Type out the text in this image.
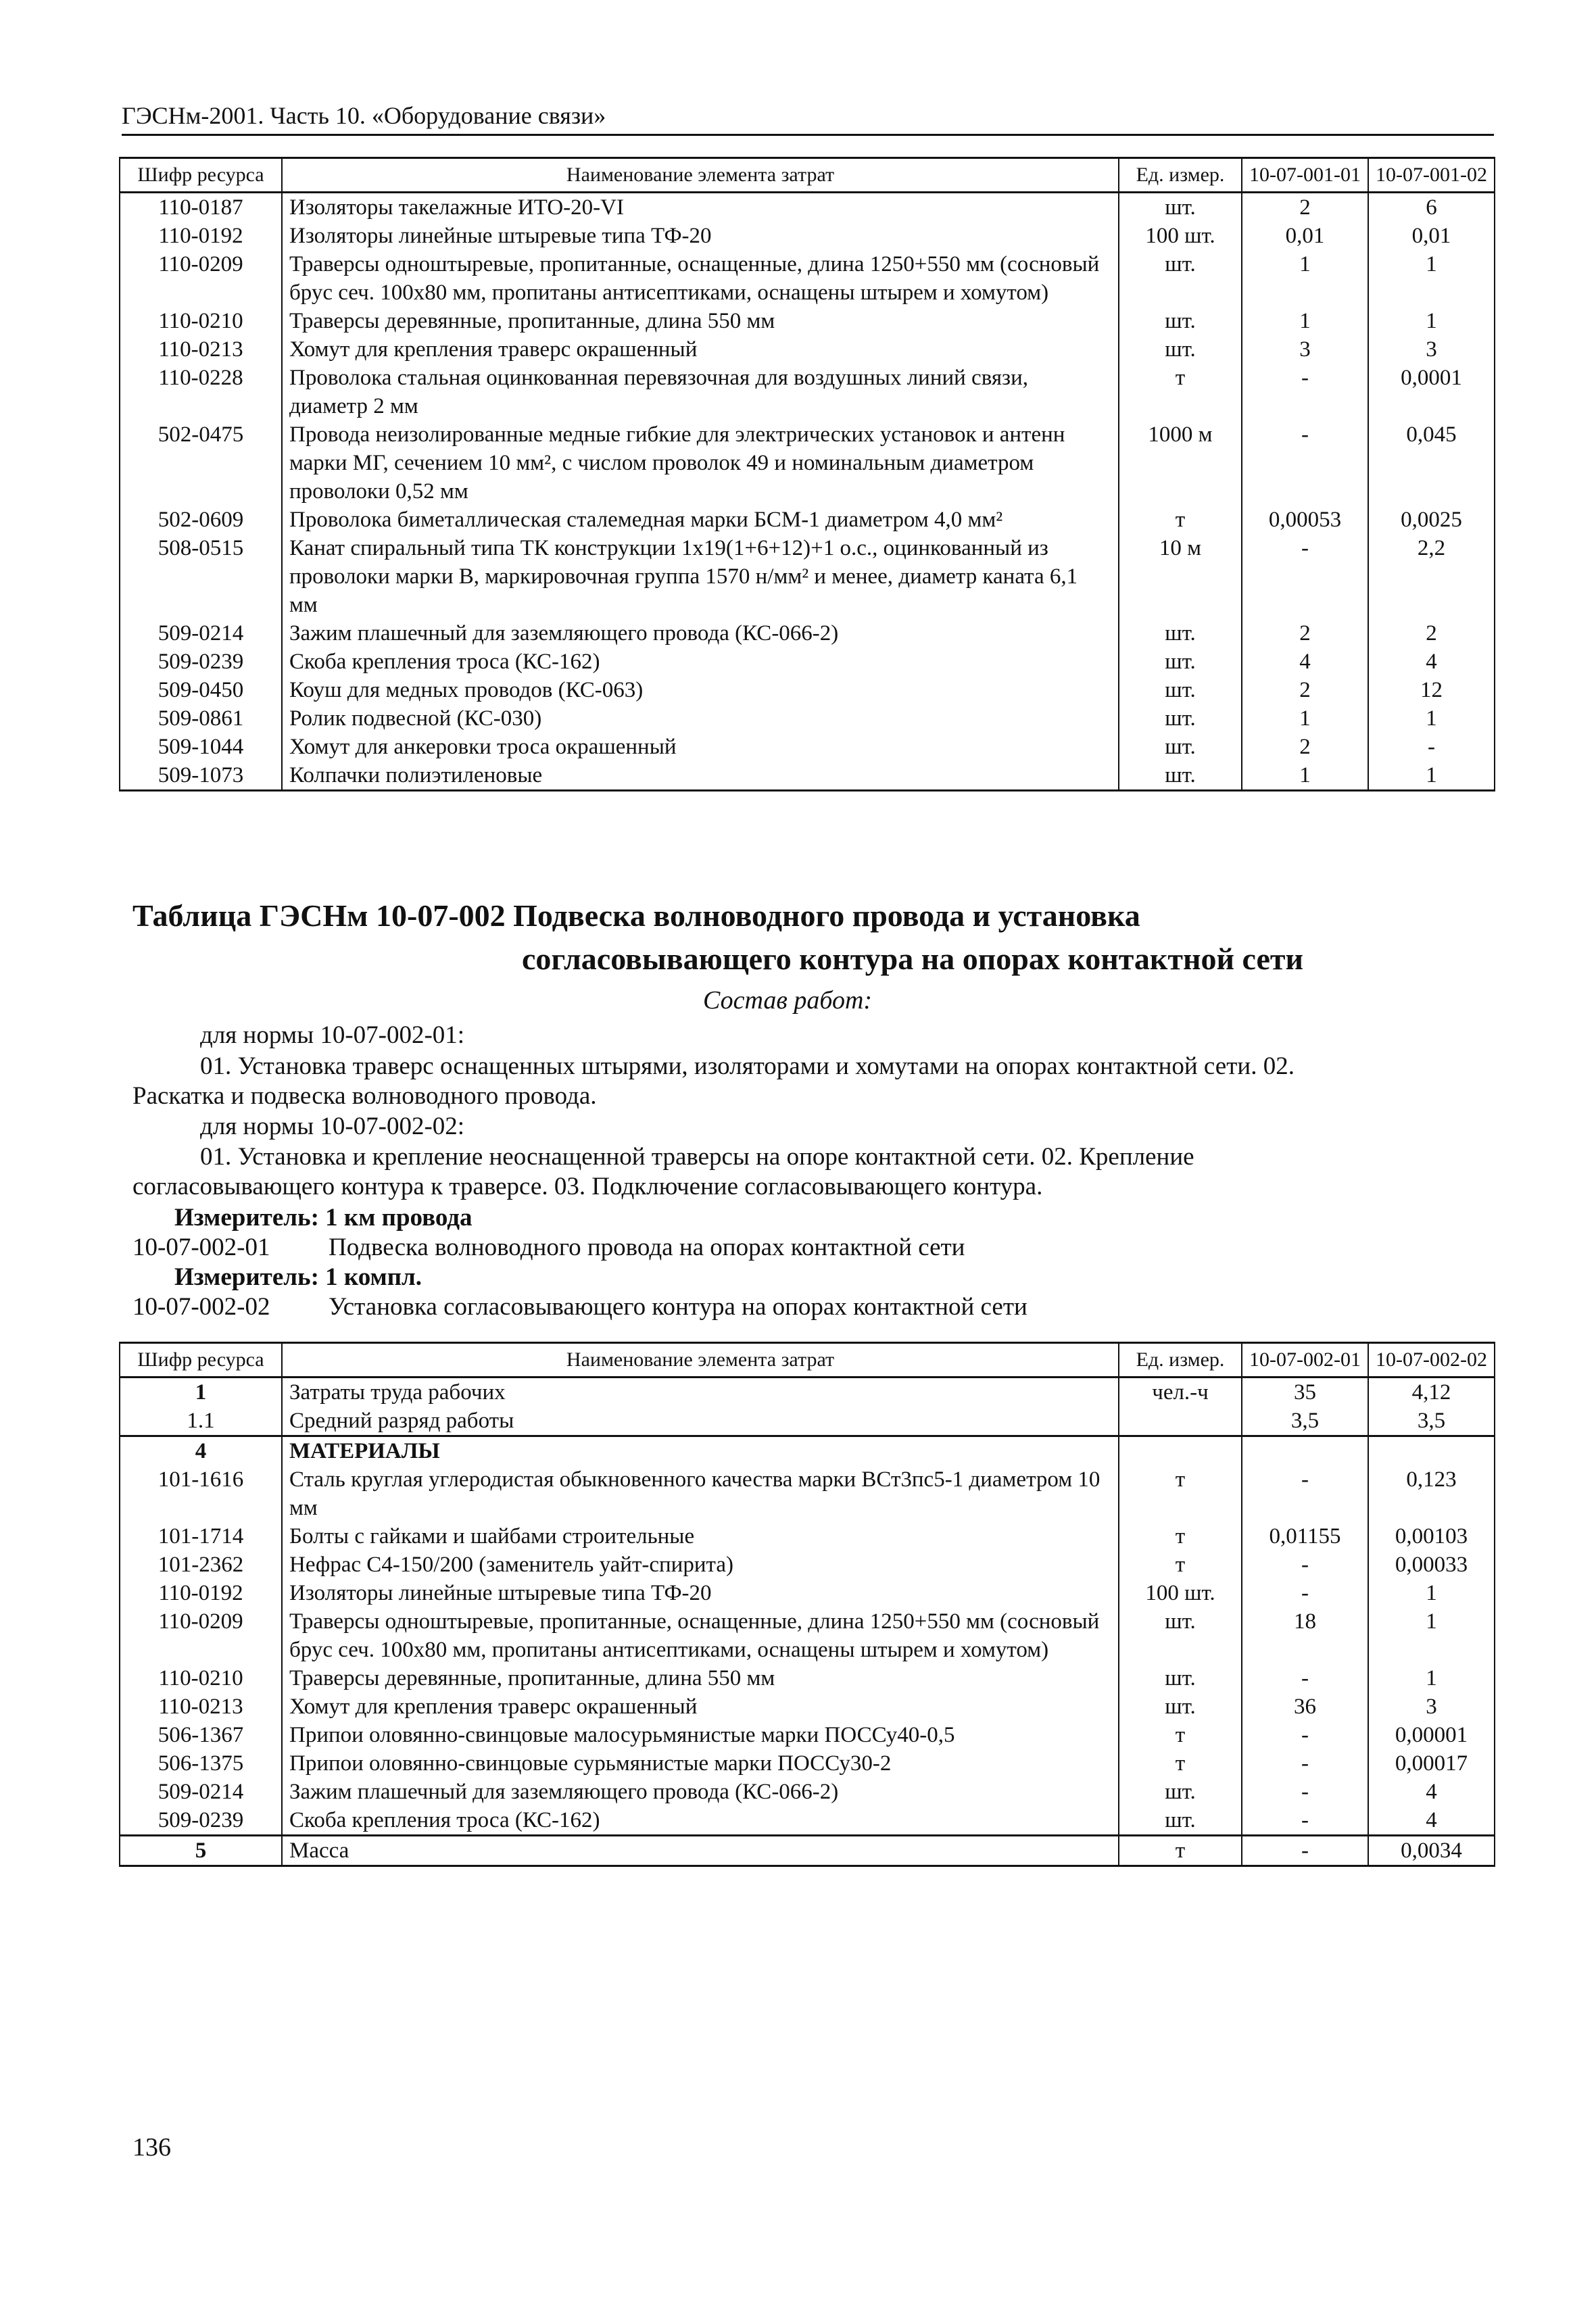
ГЭСНм-2001. Часть 10. «Оборудование связи»
Шифр ресурса	Наименование элемента затрат	Ед. измер.	10-07-001-01	10-07-001-02
110-0187	Изоляторы такелажные ИТО-20-VI	шт.	2	6
110-0192	Изоляторы линейные штыревые типа ТФ-20	100 шт.	0,01	0,01
110-0209	Траверсы одноштыревые, пропитанные, оснащенные, длина 1250+550 мм (сосновый брус сеч. 100x80 мм, пропитаны антисептиками, оснащены штырем и хомутом)	шт.	1	1
110-0210	Траверсы деревянные, пропитанные, длина 550 мм	шт.	1	1
110-0213	Хомут для крепления траверс окрашенный	шт.	3	3
110-0228	Проволока стальная оцинкованная перевязочная для воздушных линий связи, диаметр 2 мм	т	-	0,0001
502-0475	Провода неизолированные медные гибкие для электрических установок и антенн марки МГ, сечением 10 мм², с числом проволок 49 и номинальным диаметром проволоки 0,52 мм	1000 м	-	0,045
502-0609	Проволока биметаллическая сталемедная марки БСМ-1 диаметром 4,0 мм²	т	0,00053	0,0025
508-0515	Канат спиральный типа ТК конструкции 1x19(1+6+12)+1 о.с., оцинкованный из проволоки марки В, маркировочная группа 1570 н/мм² и менее, диаметр каната 6,1 мм	10 м	-	2,2
509-0214	Зажим плашечный для заземляющего провода (КС-066-2)	шт.	2	2
509-0239	Скоба крепления троса (КС-162)	шт.	4	4
509-0450	Коуш для медных проводов (КС-063)	шт.	2	12
509-0861	Ролик подвесной (КС-030)	шт.	1	1
509-1044	Хомут для анкеровки троса окрашенный	шт.	2	-
509-1073	Колпачки полиэтиленовые	шт.	1	1
Таблица ГЭСНм 10-07-002 Подвеска волноводного провода и установка
согласовывающего контура на опорах контактной сети
Состав работ:
для нормы 10-07-002-01:
01. Установка траверс оснащенных штырями, изоляторами и хомутами на опорах контактной сети. 02.
Раскатка и подвеска волноводного провода.
для нормы 10-07-002-02:
01. Установка и крепление неоснащенной траверсы на опоре контактной сети. 02. Крепление
согласовывающего контура к траверсе. 03. Подключение согласовывающего контура.
Измеритель: 1 км провода
10-07-002-01 Подвеска волноводного провода на опорах контактной сети
Измеритель: 1 компл.
10-07-002-02 Установка согласовывающего контура на опорах контактной сети
Шифр ресурса	Наименование элемента затрат	Ед. измер.	10-07-002-01	10-07-002-02
1	Затраты труда рабочих	чел.-ч	35	4,12
1.1	Средний разряд работы		3,5	3,5
4	МАТЕРИАЛЫ			
101-1616	Сталь круглая углеродистая обыкновенного качества марки ВСт3пс5-1 диаметром 10 мм	т	-	0,123
101-1714	Болты с гайками и шайбами строительные	т	0,01155	0,00103
101-2362	Нефрас С4-150/200 (заменитель уайт-спирита)	т	-	0,00033
110-0192	Изоляторы линейные штыревые типа ТФ-20	100 шт.	-	1
110-0209	Траверсы одноштыревые, пропитанные, оснащенные, длина 1250+550 мм (сосновый брус сеч. 100x80 мм, пропитаны антисептиками, оснащены штырем и хомутом)	шт.	18	1
110-0210	Траверсы деревянные, пропитанные, длина 550 мм	шт.	-	1
110-0213	Хомут для крепления траверс окрашенный	шт.	36	3
506-1367	Припои оловянно-свинцовые малосурьмянистые марки ПОССу40-0,5	т	-	0,00001
506-1375	Припои оловянно-свинцовые сурьмянистые марки ПОССу30-2	т	-	0,00017
509-0214	Зажим плашечный для заземляющего провода (КС-066-2)	шт.	-	4
509-0239	Скоба крепления троса (КС-162)	шт.	-	4
5	Масса	т	-	0,0034
136
